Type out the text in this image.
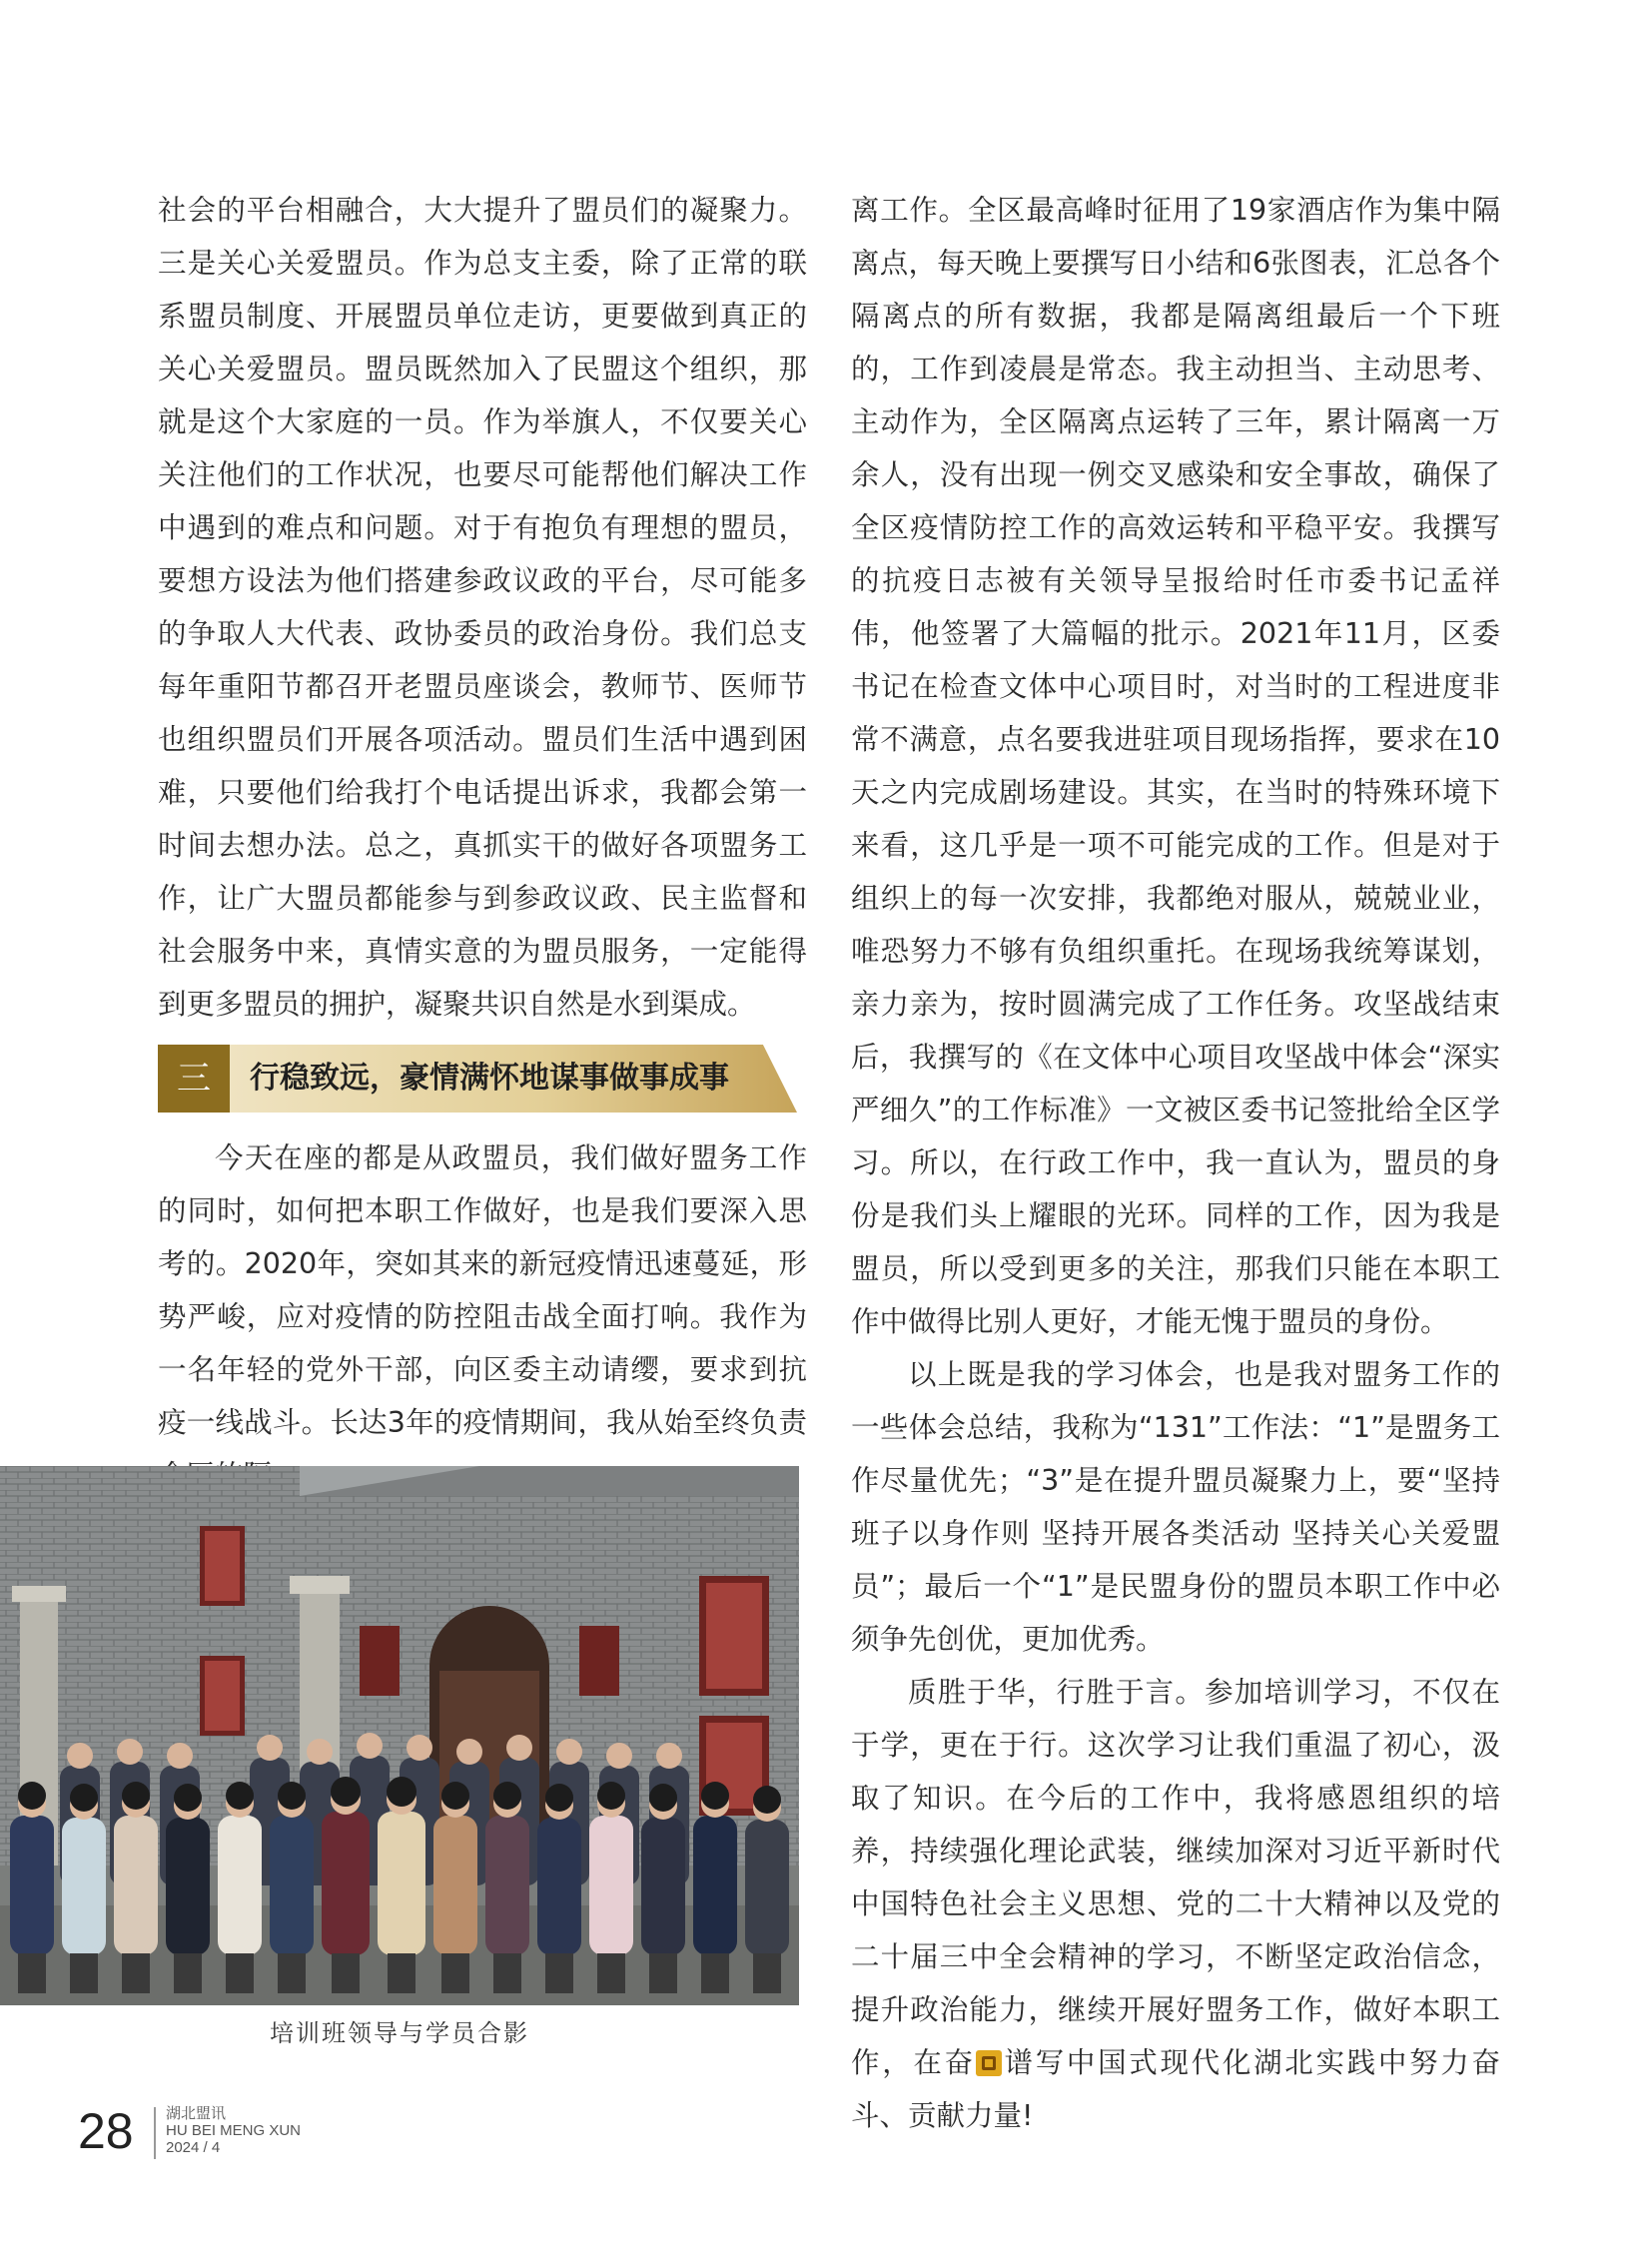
社会的平台相融合，大大提升了盟员们的凝聚力。三是关心关爱盟员。作为总支主委，除了正常的联系盟员制度、开展盟员单位走访，更要做到真正的关心关爱盟员。盟员既然加入了民盟这个组织，那就是这个大家庭的一员。作为举旗人，不仅要关心关注他们的工作状况，也要尽可能帮他们解决工作中遇到的难点和问题。对于有抱负有理想的盟员，要想方设法为他们搭建参政议政的平台，尽可能多的争取人大代表、政协委员的政治身份。我们总支每年重阳节都召开老盟员座谈会，教师节、医师节也组织盟员们开展各项活动。盟员们生活中遇到困难，只要他们给我打个电话提出诉求，我都会第一时间去想办法。总之，真抓实干的做好各项盟务工作，让广大盟员都能参与到参政议政、民主监督和社会服务中来，真情实意的为盟员服务，一定能得到更多盟员的拥护，凝聚共识自然是水到渠成。

三	行稳致远，豪情满怀地谋事做事成事

今天在座的都是从政盟员，我们做好盟务工作的同时，如何把本职工作做好，也是我们要深入思考的。2020年，突如其来的新冠疫情迅速蔓延，形势严峻，应对疫情的防控阻击战全面打响。我作为一名年轻的党外干部，向区委主动请缨，要求到抗疫一线战斗。长达3年的疫情期间，我从始至终负责

离工作。全区最高峰时征用了19家酒店作为集中隔离点，每天晚上要撰写日小结和6张图表，汇总各个隔离点的所有数据，我都是隔离组最后一个下班的，工作到凌晨是常态。我主动担当、主动思考、主动作为，全区隔离点运转了三年，累计隔离一万余人，没有出现一例交叉感染和安全事故，确保了全区疫情防控工作的高效运转和平稳平安。我撰写的抗疫日志被有关领导呈报给时任市委书记孟祥伟，他签署了大篇幅的批示。2021年11月，区委书记在检查文体中心项目时，对当时的工程进度非常不满意，点名要我进驻项目现场指挥，要求在10天之内完成剧场建设。其实，在当时的特殊环境下来看，这几乎是一项不可能完成的工作。但是对于组织上的每一次安排，我都绝对服从，兢兢业业，唯恐努力不够有负组织重托。在现场我统筹谋划，亲力亲为，按时圆满完成了工作任务。攻坚战结束后，我撰写的《在文体中心项目攻坚战中体会“深实严细久”的工作标准》一文被区委书记签批给全区学习。所以，在行政工作中，我一直认为，盟员的身份是我们头上耀眼的光环。同样的工作，因为我是盟员，所以受到更多的关注，那我们只能在本职工作中做得比别人更好，才能无愧于盟员的身份。

以上既是我的学习体会，也是我对盟务工作的一些体会总结，我称为“131”工作法：“1”是盟务工作尽量优先；“3”是在提升盟员凝聚力上，要“坚持班子以身作则 坚持开展各类活动 坚持关心关爱盟员”；最后一个“1”是民盟身份的盟员本职工作中必须争先创优，更加优秀。

质胜于华，行胜于言。参加培训学习，不仅在于学，更在于行。这次学习让我们重温了初心，汲取了知识。在今后的工作中，我将感恩组织的培养，持续强化理论武装，继续加深对习近平新时代中国特色社会主义思想、党的二十大精神以及党的二十届三中全会精神的学习，不断坚定政治信念，提升政治能力，继续开展好盟务工作，做好本职工作，在奋 谱写中国式现代化湖北实践中努力奋斗、贡献力量!

培训班领导与学员合影
28 湖北盟讯
HU BEI MENG XUN
2024 / 4
